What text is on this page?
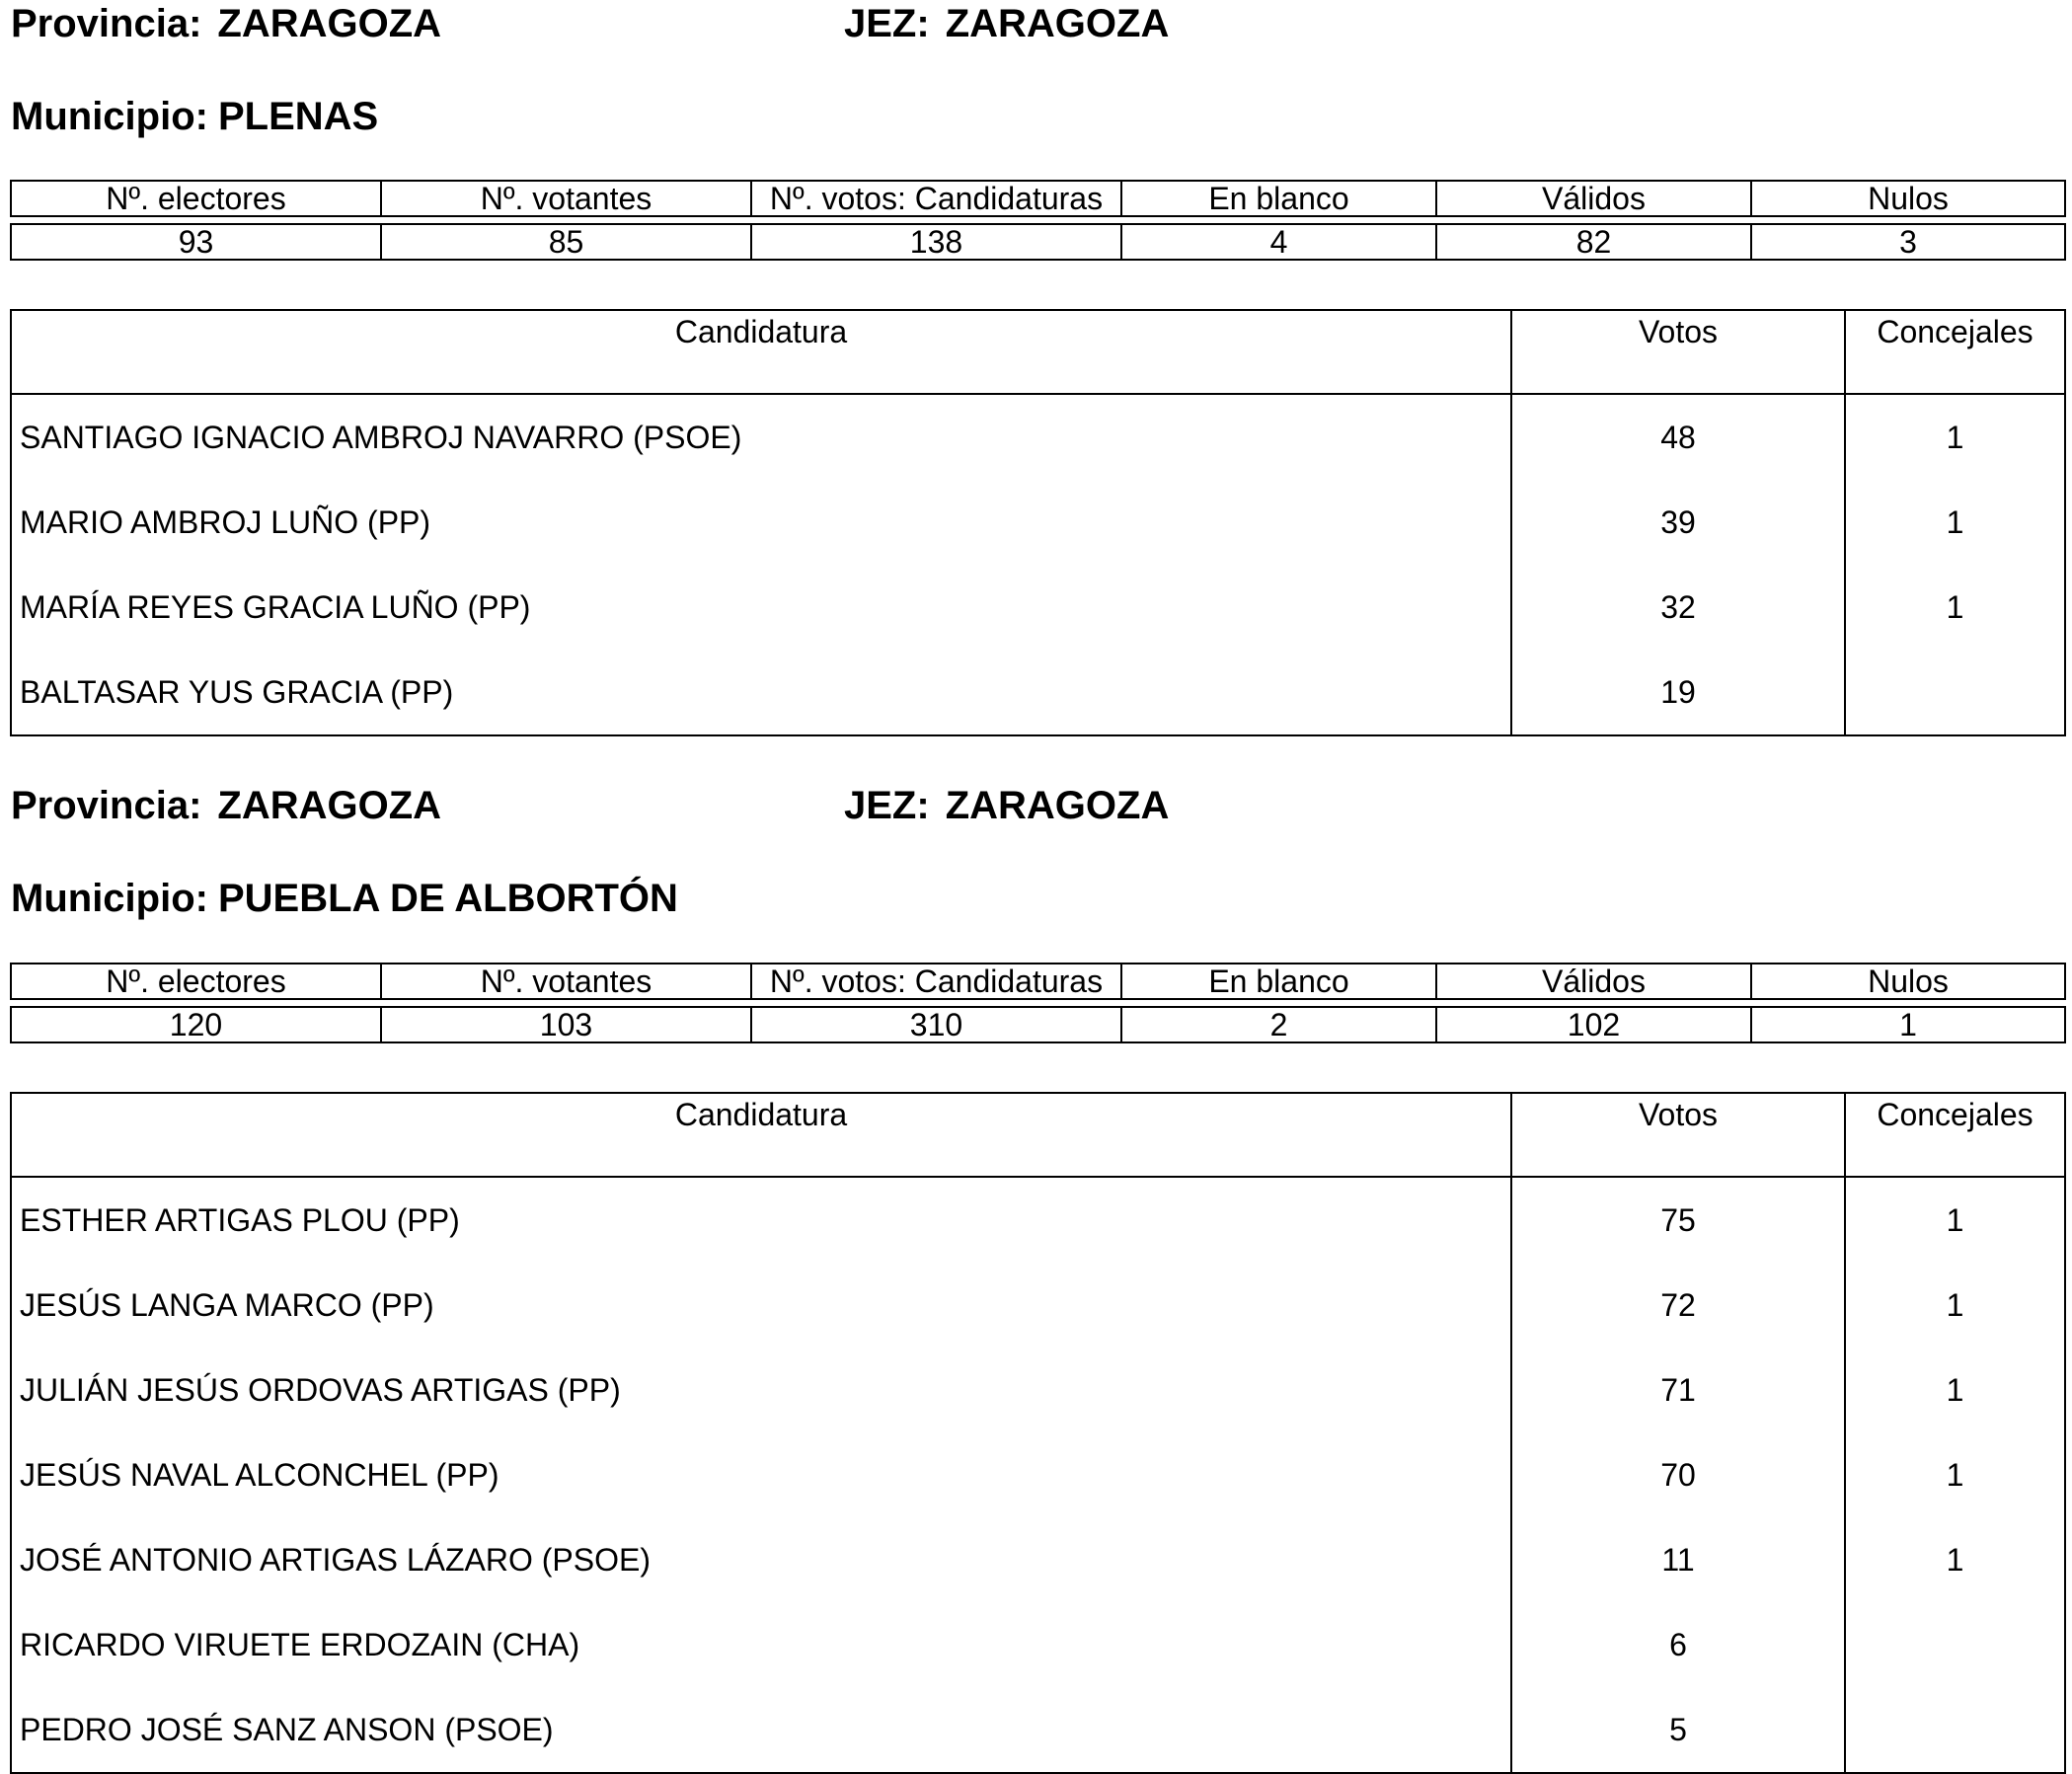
Provincia: ZARAGOZA	JEZ: ZARAGOZA
Municipio: PLENAS
Nº. electores	Nº. votantes	Nº. votos: Candidaturas	En blanco	Válidos	Nulos

93	85	138	4	82	3
Candidatura	Votos	Concejales
SANTIAGO IGNACIO AMBROJ NAVARRO (PSOE)	48	1
MARIO AMBROJ LUÑO (PP)	39	1
MARÍA REYES GRACIA LUÑO (PP)	32	1
BALTASAR YUS GRACIA (PP)	19	
Provincia: ZARAGOZA	JEZ: ZARAGOZA
Municipio: PUEBLA DE ALBORTÓN
Nº. electores	Nº. votantes	Nº. votos: Candidaturas	En blanco	Válidos	Nulos

120	103	310	2	102	1
Candidatura	Votos	Concejales
ESTHER ARTIGAS PLOU (PP)	75	1
JESÚS LANGA MARCO (PP)	72	1
JULIÁN JESÚS ORDOVAS ARTIGAS (PP)	71	1
JESÚS NAVAL ALCONCHEL (PP)	70	1
JOSÉ ANTONIO ARTIGAS LÁZARO (PSOE)	11	1
RICARDO VIRUETE ERDOZAIN (CHA)	6	
PEDRO JOSÉ SANZ ANSON (PSOE)	5	
